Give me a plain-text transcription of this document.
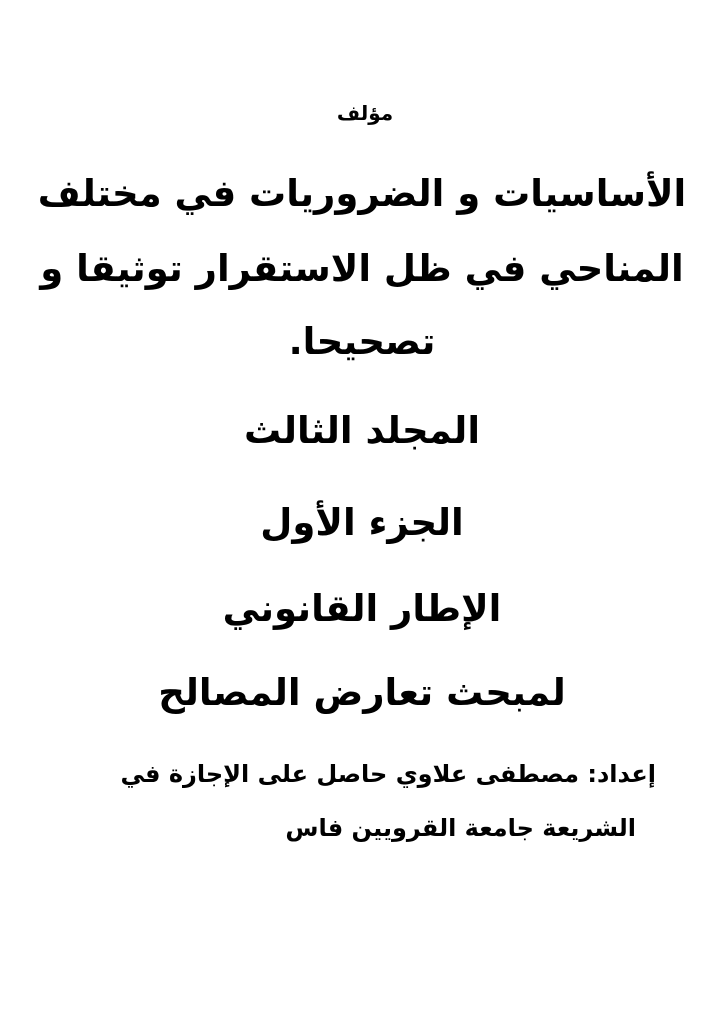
مؤلف
الأساسيات و الضروريات في مختلف
المناحي في ظل الاستقرار توثيقا و
تصحيحا.
المجلد الثالث
الجزء الأول
الإطار القانوني
لمبحث تعارض المصالح
إعداد: مصطفى علاوي حاصل على الإجازة في
الشريعة جامعة القرويين فاس
